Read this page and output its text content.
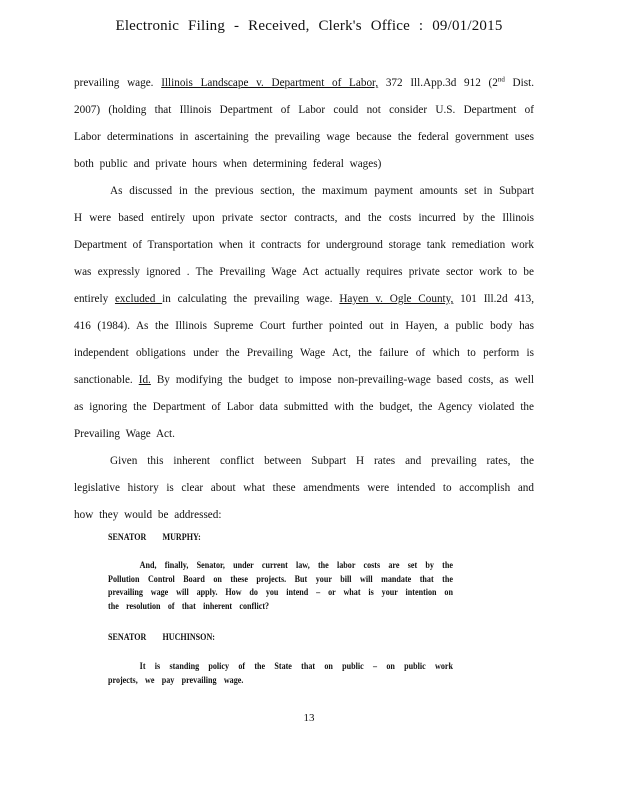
Electronic Filing - Received, Clerk's Office : 09/01/2015

prevailing wage. Illinois Landscape v. Department of Labor, 372 Ill.App.3d 912 (2nd Dist. 2007) (holding that Illinois Department of Labor could not consider U.S. Department of Labor determinations in ascertaining the prevailing wage because the federal government uses both public and private hours when determining federal wages)

As discussed in the previous section, the maximum payment amounts set in Subpart H were based entirely upon private sector contracts, and the costs incurred by the Illinois Department of Transportation when it contracts for underground storage tank remediation work was expressly ignored . The Prevailing Wage Act actually requires private sector work to be entirely excluded in calculating the prevailing wage. Hayen v. Ogle County, 101 Ill.2d 413, 416 (1984). As the Illinois Supreme Court further pointed out in Hayen, a public body has independent obligations under the Prevailing Wage Act, the failure of which to perform is sanctionable. Id. By modifying the budget to impose non-prevailing-wage based costs, as well as ignoring the Department of Labor data submitted with the budget, the Agency violated the Prevailing Wage Act.

Given this inherent conflict between Subpart H rates and prevailing rates, the legislative history is clear about what these amendments were intended to accomplish and how they would be addressed:

SENATOR MURPHY:
And, finally, Senator, under current law, the labor costs are set by the Pollution Control Board on these projects. But your bill will mandate that the prevailing wage will apply. How do you intend – or what is your intention on the resolution of that inherent conflict?
SENATOR HUCHINSON:
It is standing policy of the State that on public – on public work projects, we pay prevailing wage.
13
